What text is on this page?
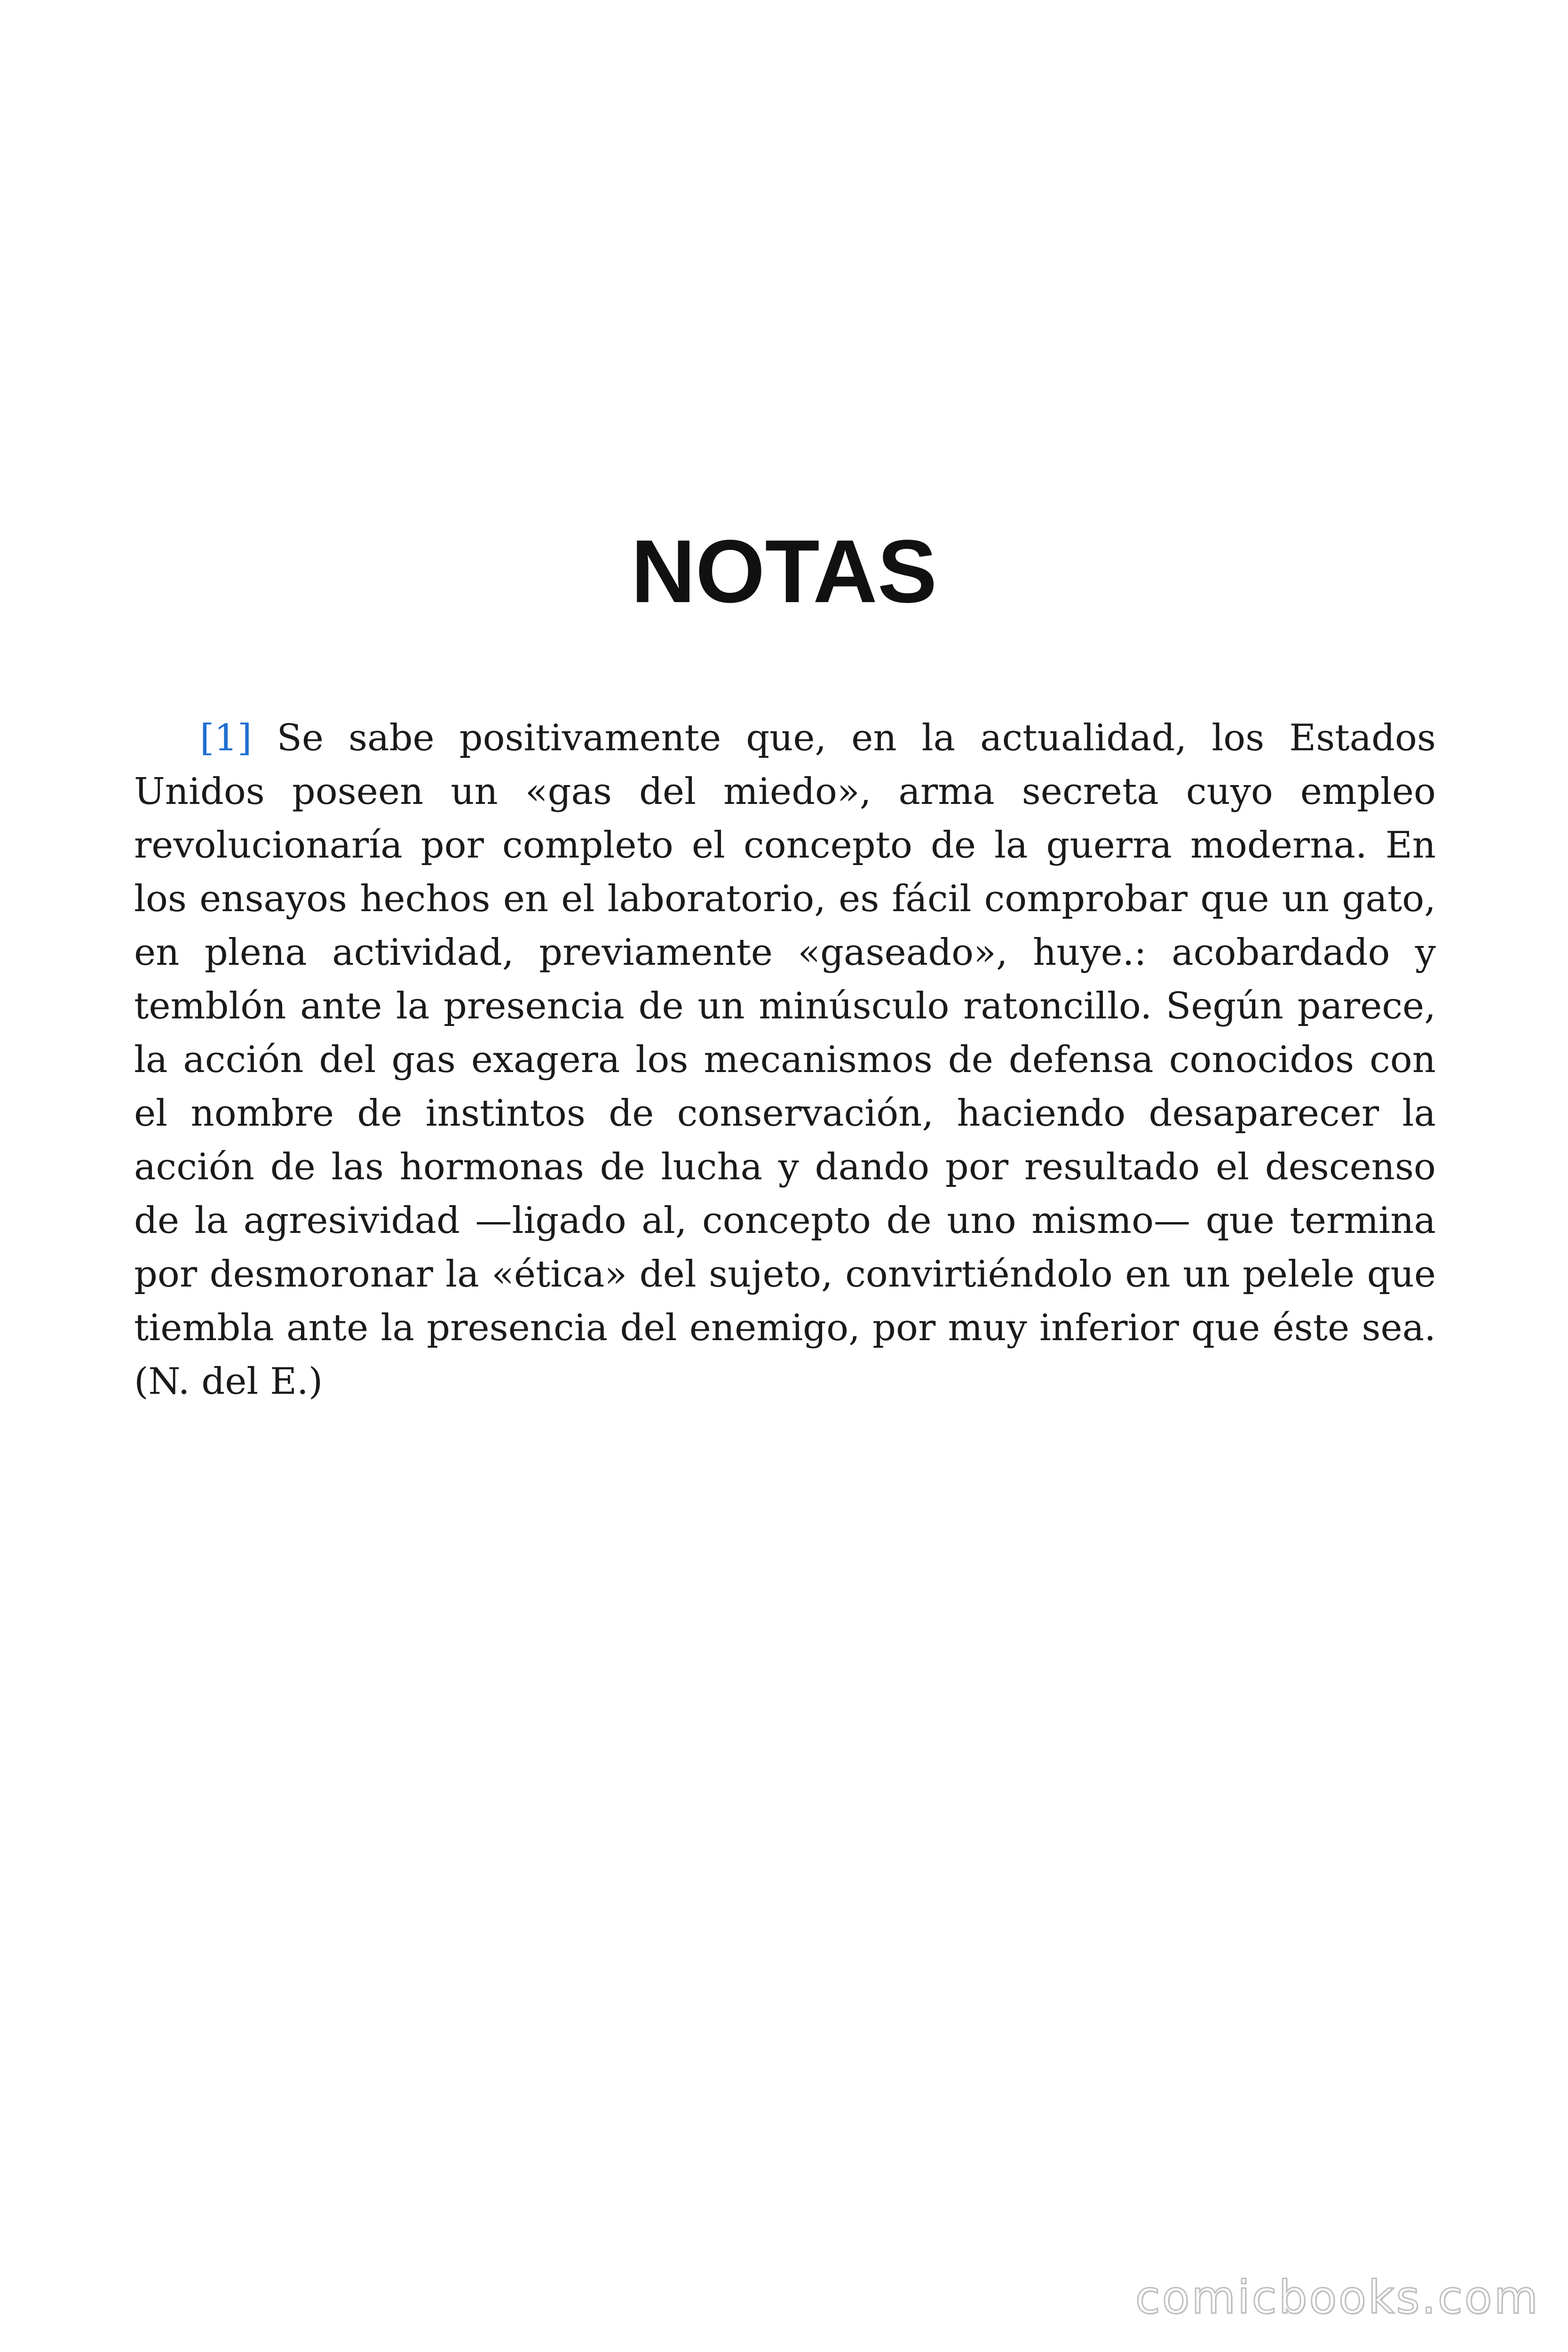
NOTAS

[1] Se sabe positivamente que, en la actualidad, los Estados Unidos poseen un «gas del miedo», arma secreta cuyo empleo revolucionaría por completo el concepto de la guerra moderna. En los ensayos hechos en el laboratorio, es fácil comprobar que un gato, en plena actividad, previamente «gaseado», huye.: acobardado y temblón ante la presencia de un minúsculo ratoncillo. Según parece, la acción del gas exagera los mecanismos de defensa conocidos con el nombre de instintos de conservación, haciendo desaparecer la acción de las hormonas de lucha y dando por resultado el descenso de la agresividad —ligado al, concepto de uno mismo— que termina por desmoronar la «ética» del sujeto, convirtiéndolo en un pelele que tiembla ante la presencia del enemigo, por muy inferior que éste sea. (N. del E.)

comicbooks.com
